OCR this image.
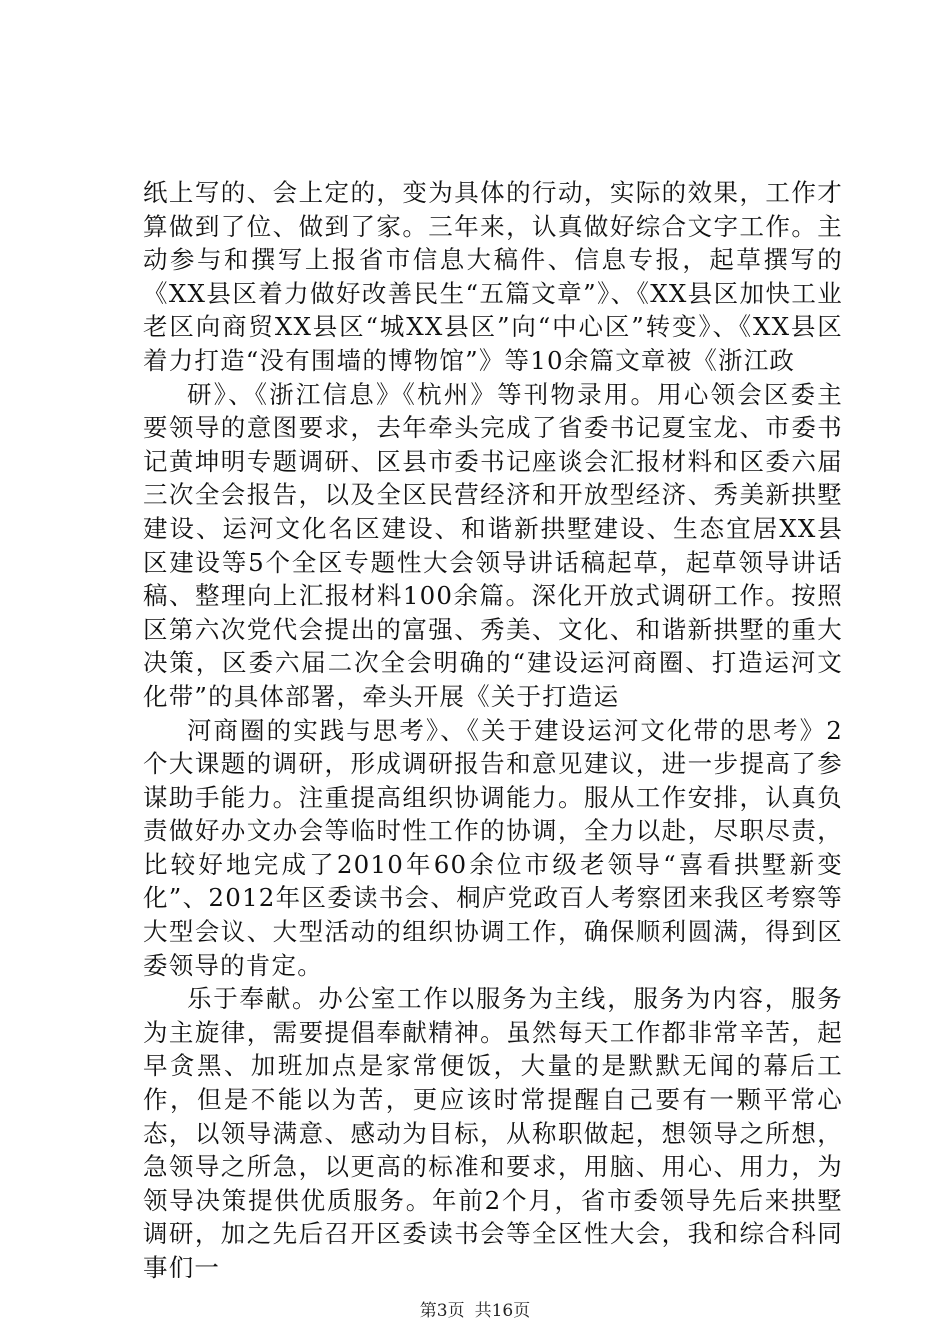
纸上写的、会上定的，变为具体的行动，实际的效果，工作才算做到了位、做到了家。三年来，认真做好综合文字工作。主动参与和撰写上报省市信息大稿件、信息专报，起草撰写的《XX县区着力做好改善民生“五篇文章”》、《XX县区加快工业老区向商贸XX县区“城XX县区”向“中心区”转变》、《XX县区着力打造“没有围墙的博物馆”》等10余篇文章被《浙江政

研》、《浙江信息》《杭州》等刊物录用。用心领会区委主要领导的意图要求，去年牵头完成了省委书记夏宝龙、市委书记黄坤明专题调研、区县市委书记座谈会汇报材料和区委六届三次全会报告，以及全区民营经济和开放型经济、秀美新拱墅建设、运河文化名区建设、和谐新拱墅建设、生态宜居XX县区建设等5个全区专题性大会领导讲话稿起草，起草领导讲话稿、整理向上汇报材料100余篇。深化开放式调研工作。按照区第六次党代会提出的富强、秀美、文化、和谐新拱墅的重大决策，区委六届二次全会明确的“建设运河商圈、打造运河文化带”的具体部署，牵头开展《关于打造运

河商圈的实践与思考》、《关于建设运河文化带的思考》2个大课题的调研，形成调研报告和意见建议，进一步提高了参谋助手能力。注重提高组织协调能力。服从工作安排，认真负责做好办文办会等临时性工作的协调，全力以赴，尽职尽责，比较好地完成了2010年60余位市级老领导“喜看拱墅新变化”、2012年区委读书会、桐庐党政百人考察团来我区考察等大型会议、大型活动的组织协调工作，确保顺利圆满，得到区委领导的肯定。

乐于奉献。办公室工作以服务为主线，服务为内容，服务为主旋律，需要提倡奉献精神。虽然每天工作都非常辛苦，起早贪黑、加班加点是家常便饭，大量的是默默无闻的幕后工作，但是不能以为苦，更应该时常提醒自己要有一颗平常心态，以领导满意、感动为目标，从称职做起，想领导之所想，急领导之所急，以更高的标准和要求，用脑、用心、用力，为领导决策提供优质服务。年前2个月，省市委领导先后来拱墅调研，加之先后召开区委读书会等全区性大会，我和综合科同事们一

第3页 共16页
